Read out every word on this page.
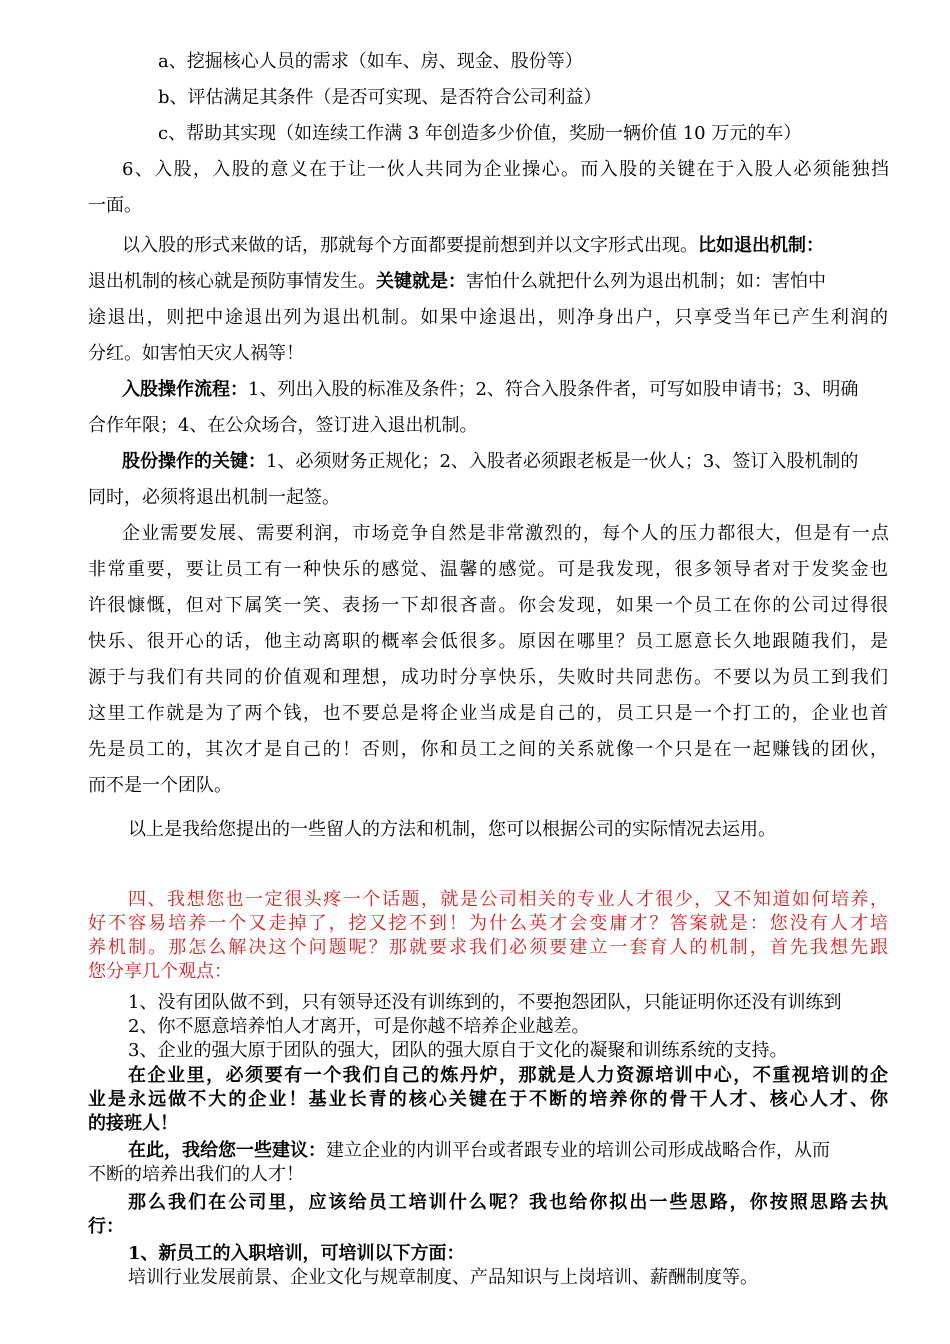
a、挖掘核心人员的需求（如车、房、现金、股份等）
b、评估满足其条件（是否可实现、是否符合公司利益）
c、帮助其实现（如连续工作满 3 年创造多少价值，奖励一辆价值 10 万元的车）
6、入股，入股的意义在于让一伙人共同为企业操心。而入股的关键在于入股人必须能独挡
一面。
以入股的形式来做的话，那就每个方面都要提前想到并以文字形式出现。比如退出机制：
退出机制的核心就是预防事情发生。关键就是：害怕什么就把什么列为退出机制；如：害怕中
途退出，则把中途退出列为退出机制。如果中途退出，则净身出户，只享受当年已产生利润的
分红。如害怕天灾人祸等！
入股操作流程：1、列出入股的标准及条件；2、符合入股条件者，可写如股申请书；3、明确
合作年限；4、在公众场合，签订进入退出机制。
股份操作的关键：1、必须财务正规化；2、入股者必须跟老板是一伙人；3、签订入股机制的
同时，必须将退出机制一起签。
企业需要发展、需要利润，市场竞争自然是非常激烈的，每个人的压力都很大，但是有一点
非常重要，要让员工有一种快乐的感觉、温馨的感觉。可是我发现，很多领导者对于发奖金也
许很慷慨，但对下属笑一笑、表扬一下却很吝啬。你会发现，如果一个员工在你的公司过得很
快乐、很开心的话，他主动离职的概率会低很多。原因在哪里？员工愿意长久地跟随我们，是
源于与我们有共同的价值观和理想，成功时分享快乐，失败时共同悲伤。不要以为员工到我们
这里工作就是为了两个钱，也不要总是将企业当成是自己的，员工只是一个打工的，企业也首
先是员工的，其次才是自己的！否则，你和员工之间的关系就像一个只是在一起赚钱的团伙，
而不是一个团队。
以上是我给您提出的一些留人的方法和机制，您可以根据公司的实际情况去运用。
四、我想您也一定很头疼一个话题，就是公司相关的专业人才很少，又不知道如何培养，
好不容易培养一个又走掉了，挖又挖不到！为什么英才会变庸才？答案就是：您没有人才培
养机制。那怎么解决这个问题呢？那就要求我们必须要建立一套育人的机制，首先我想先跟
您分享几个观点：
1、没有团队做不到，只有领导还没有训练到的，不要抱怨团队，只能证明你还没有训练到
2、你不愿意培养怕人才离开，可是你越不培养企业越差。
3、企业的强大原于团队的强大，团队的强大原自于文化的凝聚和训练系统的支持。
在企业里，必须要有一个我们自己的炼丹炉，那就是人力资源培训中心，不重视培训的企
业是永远做不大的企业！基业长青的核心关键在于不断的培养你的骨干人才、核心人才、你
的接班人！
在此，我给您一些建议：建立企业的内训平台或者跟专业的培训公司形成战略合作，从而
不断的培养出我们的人才！
那么我们在公司里，应该给员工培训什么呢？我也给你拟出一些思路，你按照思路去执
行：
1、新员工的入职培训，可培训以下方面：
培训行业发展前景、企业文化与规章制度、产品知识与上岗培训、薪酬制度等。
